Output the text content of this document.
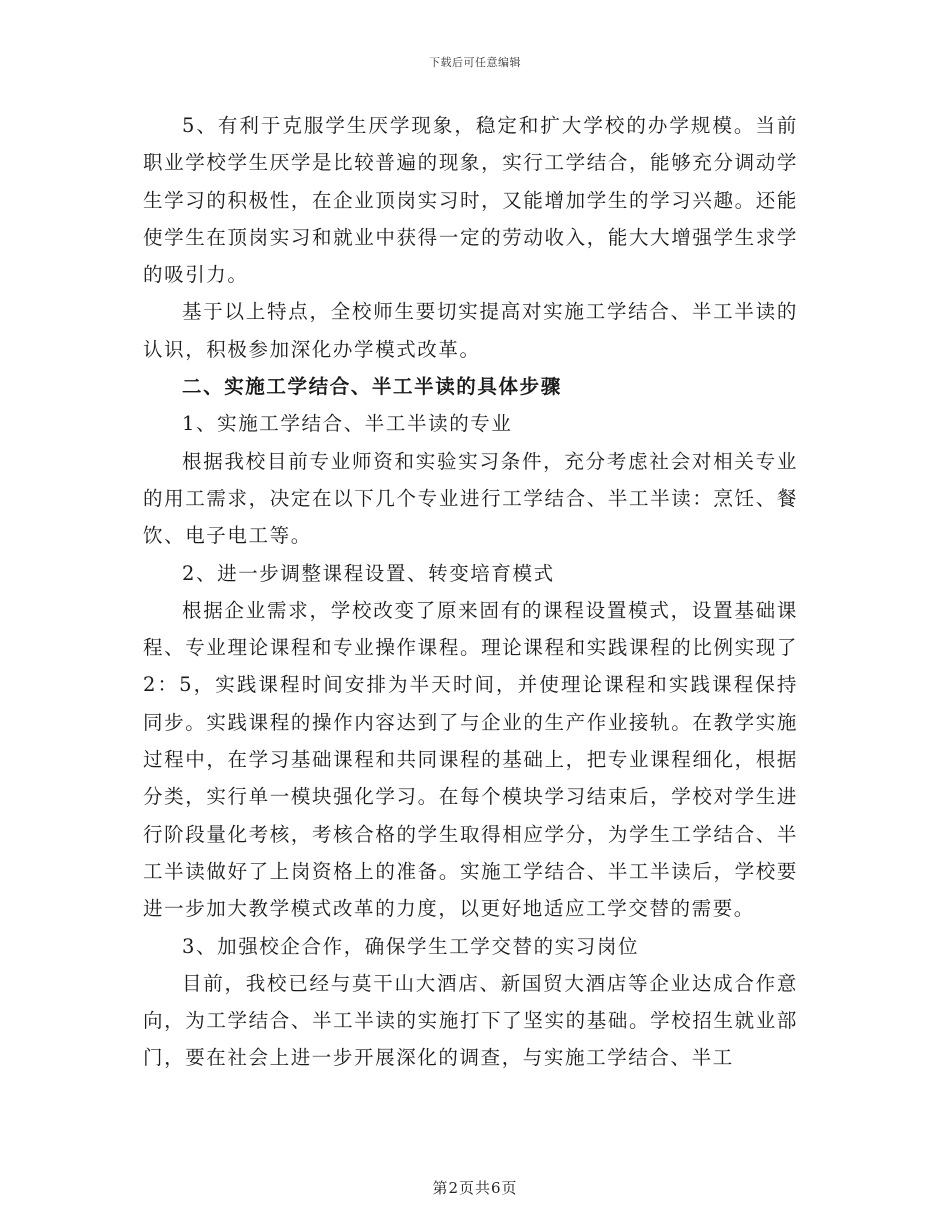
下载后可任意编辑

5、有利于克服学生厌学现象，稳定和扩大学校的办学规模。当前职业学校学生厌学是比较普遍的现象，实行工学结合，能够充分调动学生学习的积极性，在企业顶岗实习时，又能增加学生的学习兴趣。还能使学生在顶岗实习和就业中获得一定的劳动收入，能大大增强学生求学的吸引力。

基于以上特点，全校师生要切实提高对实施工学结合、半工半读的认识，积极参加深化办学模式改革。

二、实施工学结合、半工半读的具体步骤

1、实施工学结合、半工半读的专业

根据我校目前专业师资和实验实习条件，充分考虑社会对相关专业的用工需求，决定在以下几个专业进行工学结合、半工半读：烹饪、餐饮、电子电工等。

2、进一步调整课程设置、转变培育模式

根据企业需求，学校改变了原来固有的课程设置模式，设置基础课程、专业理论课程和专业操作课程。理论课程和实践课程的比例实现了2：5，实践课程时间安排为半天时间，并使理论课程和实践课程保持同步。实践课程的操作内容达到了与企业的生产作业接轨。在教学实施过程中，在学习基础课程和共同课程的基础上，把专业课程细化，根据分类，实行单一模块强化学习。在每个模块学习结束后，学校对学生进行阶段量化考核，考核合格的学生取得相应学分，为学生工学结合、半工半读做好了上岗资格上的准备。实施工学结合、半工半读后，学校要进一步加大教学模式改革的力度，以更好地适应工学交替的需要。

3、加强校企合作，确保学生工学交替的实习岗位

目前，我校已经与莫干山大酒店、新国贸大酒店等企业达成合作意向，为工学结合、半工半读的实施打下了坚实的基础。学校招生就业部门，要在社会上进一步开展深化的调查，与实施工学结合、半工

第2页共6页
